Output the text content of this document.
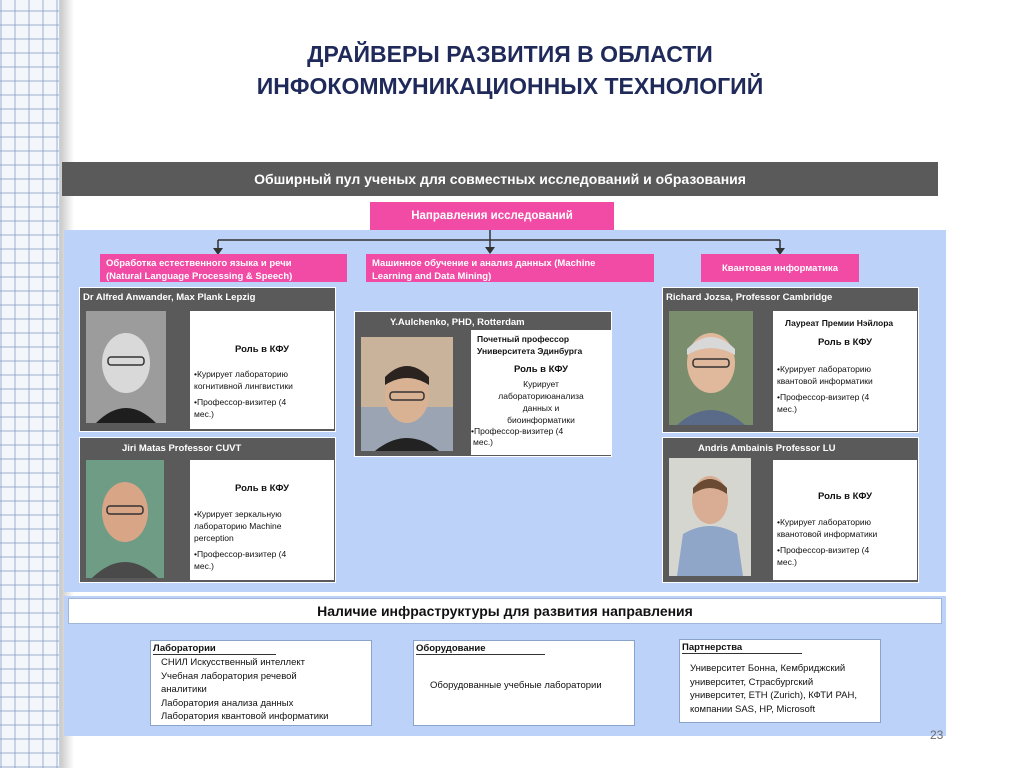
ДРАЙВЕРЫ РАЗВИТИЯ В ОБЛАСТИ
ИНФОКОММУНИКАЦИОННЫХ ТЕХНОЛОГИЙ
Обширный пул ученых для совместных исследований и образования
Направления исследований
Обработка естественного языка и речи
(Natural Language Processing & Speech)
Машинное обучение и анализ данных (Machine
Learning and Data Mining)
Квантовая информатика
Dr Alfred Anwander, Max Plank Lepzig
Роль в КФУ
•Курирует лабораторию
когнитивной лингвистики
•Профессор-визитер (4
мес.)
Jiri Matas Professor CUVT
Роль в КФУ
•Курирует зеркальную
лабораторию Machine
perception
•Профессор-визитер (4
мес.)
Y.Aulchenko, PHD, Rotterdam
Почетный профессор
Университета Эдинбурга
Роль в КФУ
Курирует
лабораториюанализа
данных и
биоинформатики
•Профессор-визитер (4
мес.)
Richard Jozsa, Professor Cambridge
Лауреат Премии Нэйлора
Роль в КФУ
•Курирует лабораторию
квантовой информатики
•Профессор-визитер (4
мес.)
Andris Ambainis Professor LU
Роль в КФУ
•Курирует лабораторию
кванотовой информатики
•Профессор-визитер (4
мес.)
Наличие инфраструктуры для развития направления
Лаборатории
СНИЛ Искусственный интеллект
Учебная лаборатория речевой
аналитики
Лаборатория анализа данных
Лаборатория квантовой информатики
Оборудование
Оборудованные учебные лаборатории
Партнерства
Университет Бонна, Кембриджский
университет, Страсбургский
университет, ETH (Zurich), КФТИ РАН,
компании SAS, HP, Microsoft
23
